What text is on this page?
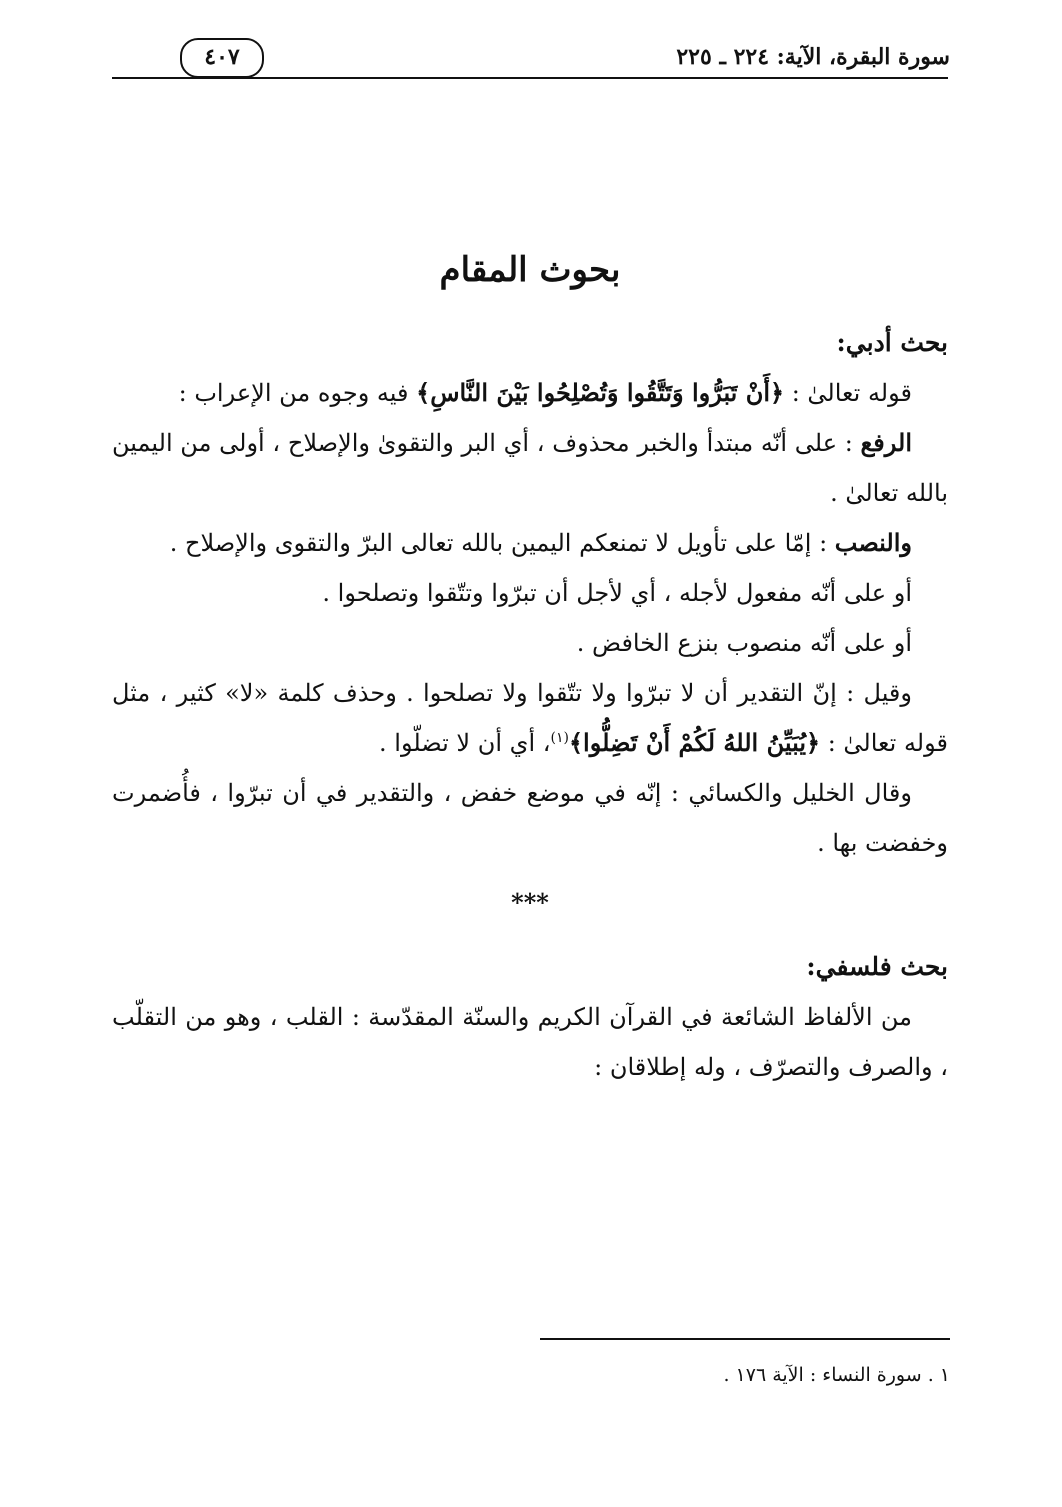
سورة البقرة، الآية: ٢٢٤ ـ ٢٢٥
٤٠٧
بحوث المقام

بحث أدبي:

قوله تعالىٰ : ﴿أَنْ تَبَرُّوا وَتَتَّقُوا وَتُصْلِحُوا بَيْنَ النَّاسِ﴾ فيه وجوه من الإعراب :

الرفع : على أنّه مبتدأ والخبر محذوف ، أي البر والتقوىٰ والإصلاح ، أولى من اليمين بالله تعالىٰ .

والنصب : إمّا على تأويل لا تمنعكم اليمين بالله تعالى البرّ والتقوى والإصلاح .

أو على أنّه مفعول لأجله ، أي لأجل أن تبرّوا وتتّقوا وتصلحوا .

أو على أنّه منصوب بنزع الخافض .

وقيل : إنّ التقدير أن لا تبرّوا ولا تتّقوا ولا تصلحوا . وحذف كلمة «لا» كثير ، مثل قوله تعالىٰ : ﴿يُبَيِّنُ اللهُ لَكُمْ أَنْ تَضِلُّوا﴾$^{(١)}$، أي أن لا تضلّوا .

وقال الخليل والكسائي : إنّه في موضع خفض ، والتقدير في أن تبرّوا ، فأُضمرت وخفضت بها .

***

بحث فلسفي:

من الألفاظ الشائعة في القرآن الكريم والسنّة المقدّسة : القلب ، وهو من التقلّب ، والصرف والتصرّف ، وله إطلاقان :

١ . سورة النساء : الآية ١٧٦ .
